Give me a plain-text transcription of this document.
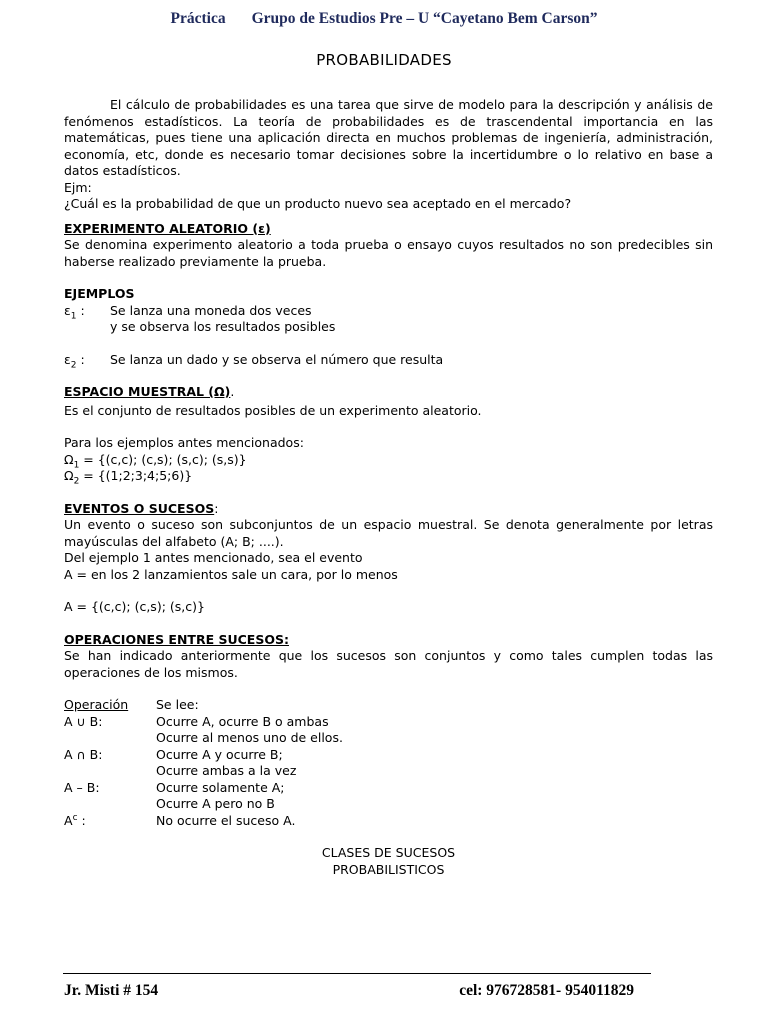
Práctica Grupo de Estudios Pre – U “Cayetano Bem Carson”
PROBABILIDADES

El cálculo de probabilidades es una tarea que sirve de modelo para la descripción y análisis de fenómenos estadísticos. La teoría de probabilidades es de trascendental importancia en las matemáticas, pues tiene una aplicación directa en muchos problemas de ingeniería, administración, economía, etc, donde es necesario tomar decisiones sobre la incertidumbre o lo relativo en base a datos estadísticos.

Ejm:

¿Cuál es la probabilidad de que un producto nuevo sea aceptado en el mercado?

EXPERIMENTO ALEATORIO (ε)

Se denomina experimento aleatorio a toda prueba o ensayo cuyos resultados no son predecibles sin haberse realizado previamente la prueba.

EJEMPLOS

$\varepsilon_1$ :	Se lanza una moneda dos veces

y se observa los resultados posibles

$\varepsilon_2$ :	Se lanza un dado y se observa el número que resulta

ESPACIO MUESTRAL (Ω).

Es el conjunto de resultados posibles de un experimento aleatorio.

Para los ejemplos antes mencionados:

$\Omega_1 = \{(c,c)$; (c,s); (s,c); (s,s)}

$\Omega_2$ = {(1;2;3;4;5;6)}

EVENTOS O SUCESOS:

Un evento o suceso son subconjuntos de un espacio muestral. Se denota generalmente por letras mayúsculas del alfabeto (A; B; ....).

Del ejemplo 1 antes mencionado, sea el evento

A = en los 2 lanzamientos sale un cara, por lo menos

A = {(c,c); (c,s); (s,c)}

OPERACIONES ENTRE SUCESOS:

Se han indicado anteriormente que los sucesos son conjuntos y como tales cumplen todas las operaciones de los mismos.

Operación	Se lee:
A ∪ B:	Ocurre A, ocurre B o ambas

Ocurre al menos uno de ellos.

A ∩ B:	Ocurre A y ocurre B;

Ocurre ambas a la vez

A – B:	Ocurre solamente A;

Ocurre A pero no B

$A^c$ :	No ocurre el suceso A.

CLASES DE SUCESOS

PROBABILISTICOS

Jr. Misti # 154	cel: 976728581- 954011829
